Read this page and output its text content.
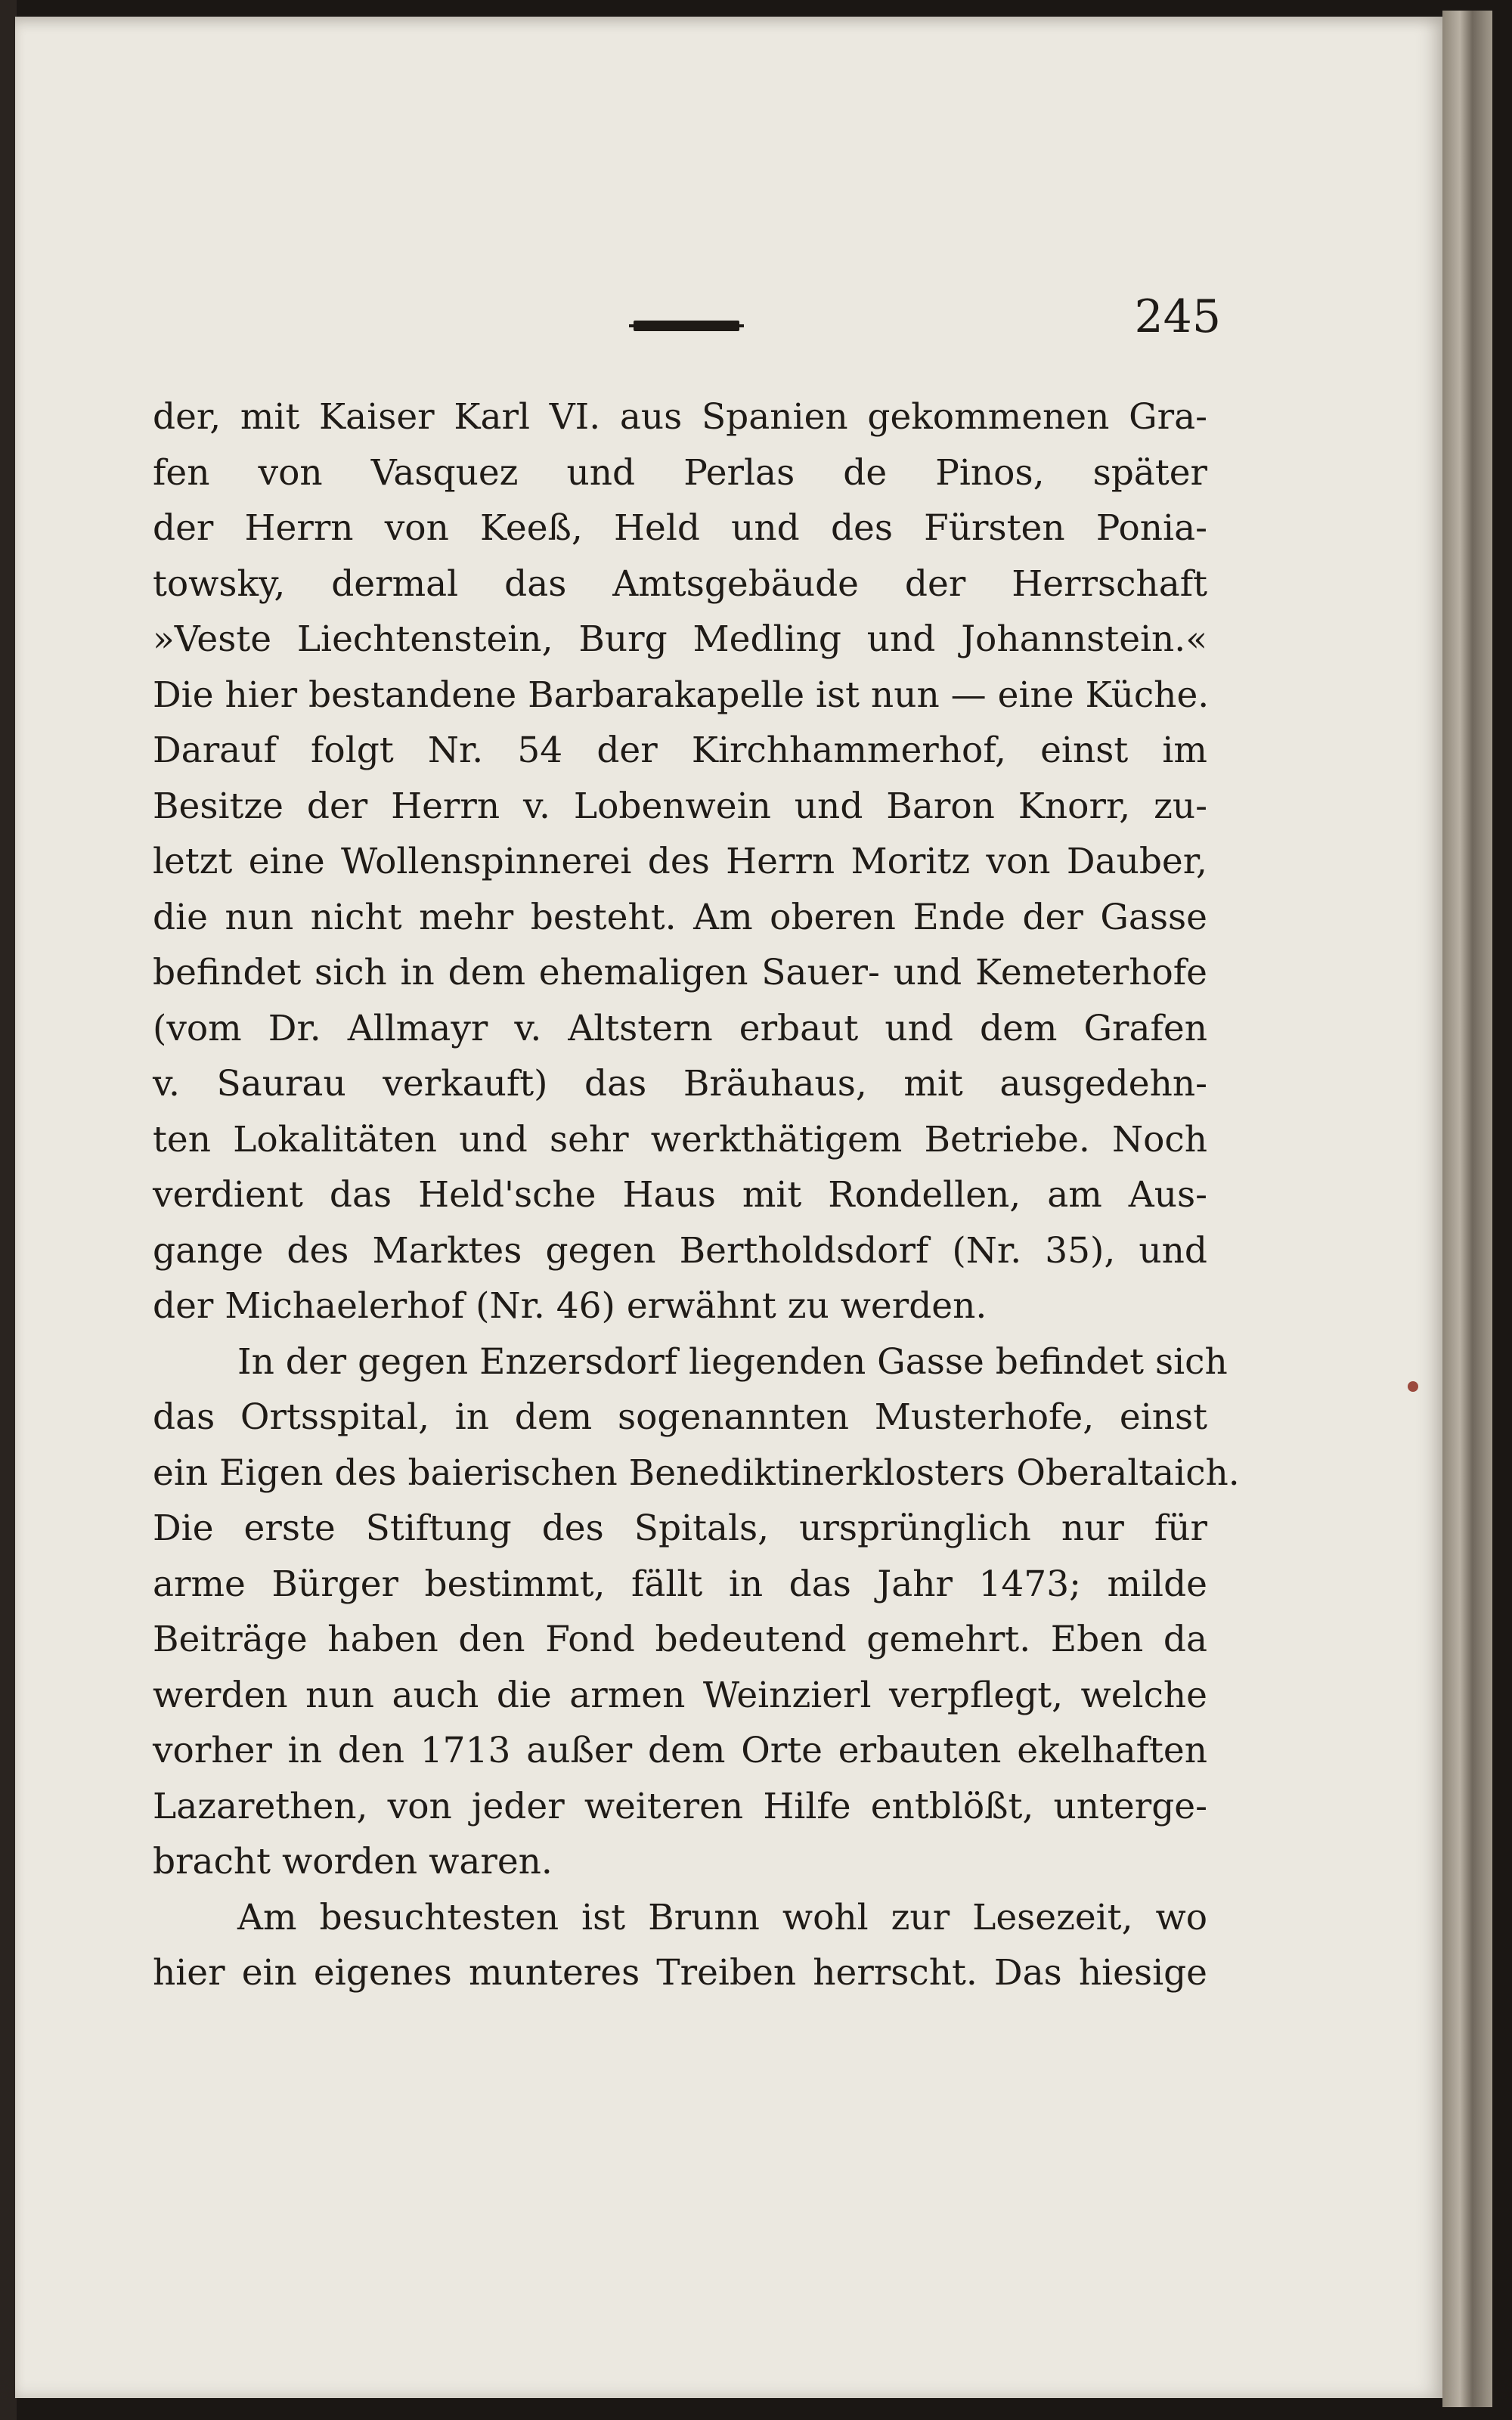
245
der, mit Kaiser Karl VI. aus Spanien gekommenen Gra-
fen von Vasquez und Perlas de Pinos, später
der Herrn von Keeß, Held und des Fürsten Ponia-
towsky, dermal das Amtsgebäude der Herrschaft
»Veste Liechtenstein, Burg Medling und Johannstein.«
Die hier bestandene Barbarakapelle ist nun — eine Küche.
Darauf folgt Nr. 54 der Kirchhammerhof, einst im
Besitze der Herrn v. Lobenwein und Baron Knorr, zu-
letzt eine Wollenspinnerei des Herrn Moritz von Dauber,
die nun nicht mehr besteht. Am oberen Ende der Gasse
befindet sich in dem ehemaligen Sauer- und Kemeterhofe
(vom Dr. Allmayr v. Altstern erbaut und dem Grafen
v. Saurau verkauft) das Bräuhaus, mit ausgedehn-
ten Lokalitäten und sehr werkthätigem Betriebe. Noch
verdient das Held'sche Haus mit Rondellen, am Aus-
gange des Marktes gegen Bertholdsdorf (Nr. 35), und
der Michaelerhof (Nr. 46) erwähnt zu werden.
In der gegen Enzersdorf liegenden Gasse befindet sich
das Ortsspital, in dem sogenannten Musterhofe, einst
ein Eigen des baierischen Benediktinerklosters Oberaltaich.
Die erste Stiftung des Spitals, ursprünglich nur für
arme Bürger bestimmt, fällt in das Jahr 1473; milde
Beiträge haben den Fond bedeutend gemehrt. Eben da
werden nun auch die armen Weinzierl verpflegt, welche
vorher in den 1713 außer dem Orte erbauten ekelhaften
Lazarethen, von jeder weiteren Hilfe entblößt, unterge-
bracht worden waren.
Am besuchtesten ist Brunn wohl zur Lesezeit, wo
hier ein eigenes munteres Treiben herrscht. Das hiesige
